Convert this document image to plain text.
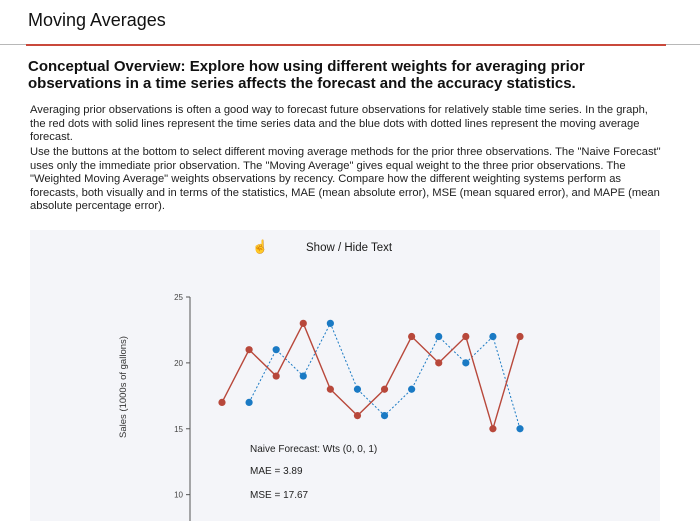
Moving Averages
Conceptual Overview: Explore how using different weights for averaging prior observations in a time series affects the forecast and the accuracy statistics.
Averaging prior observations is often a good way to forecast future observations for relatively stable time series. In the graph, the red dots with solid lines represent the time series data and the blue dots with dotted lines represent the moving average forecast.
Use the buttons at the bottom to select different moving average methods for the prior three observations. The "Naive Forecast" uses only the immediate prior observation. The "Moving Average" gives equal weight to the three prior observations. The "Weighted Moving Average" weights observations by recency. Compare how the different weighting systems perform as forecasts, both visually and in terms of the statistics, MAE (mean absolute error), MSE (mean squared error), and MAPE (mean absolute percentage error).
☝	Show / Hide Text
10
15
20
25
Sales (1000s of gallons)
Naive Forecast: Wts (0, 0, 1)
MAE = 3.89
MSE = 17.67
